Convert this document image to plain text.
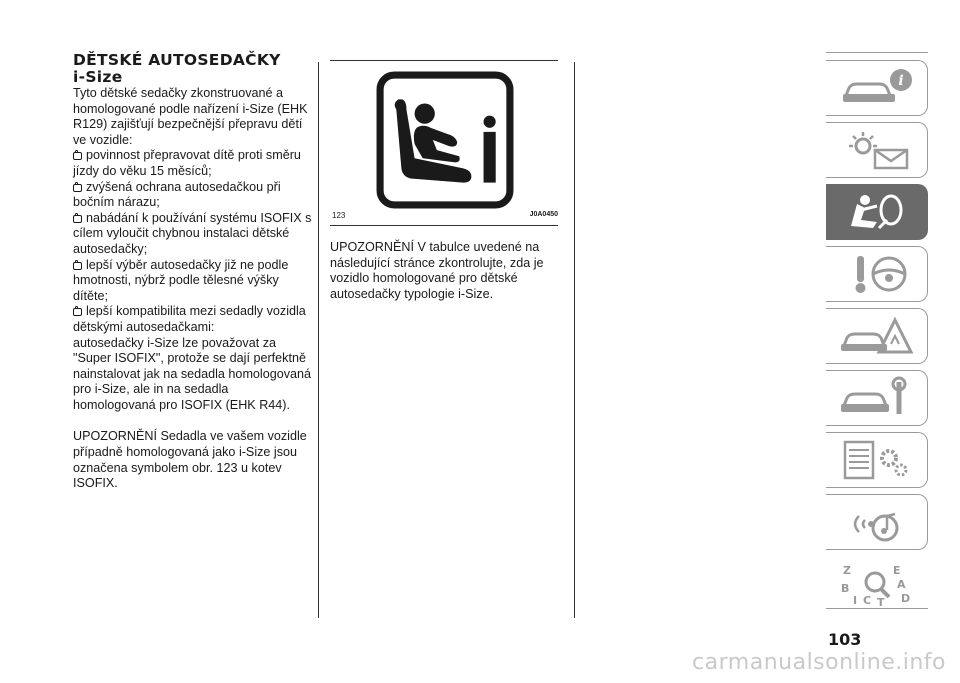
DĚTSKÉ AUTOSEDAČKY
i-Size

Tyto dětské sedačky zkonstruované a homologované podle nařízení i-Size (EHK R129) zajišťují bezpečnější přepravu dětí ve vozidle:

povinnost přepravovat dítě proti směru jízdy do věku 15 měsíců;

zvýšená ochrana autosedačkou při bočním nárazu;

nabádání k používání systému ISOFIX s cílem vyloučit chybnou instalaci dětské autosedačky;

lepší výběr autosedačky již ne podle hmotnosti, nýbrž podle tělesné výšky dítěte;

lepší kompatibilita mezi sedadly vozidla dětskými autosedačkami:

autosedačky i-Size lze považovat za "Super ISOFIX", protože se dají perfektně nainstalovat jak na sedadla homologovaná pro i-Size, ale in na sedadla homologovaná pro ISOFIX (EHK R44).

UPOZORNĚNÍ Sedadla ve vašem vozidle případně homologovaná jako i-Size jsou označena symbolem obr. 123 u kotev ISOFIX.

123	J0A0450

UPOZORNĚNÍ V tabulce uvedené na následující stránce zkontrolujte, zda je vozidlo homologované pro dětské autosedačky typologie i-Size.

i
Z	E
B	A
I C T D
103
carmanualsonline.info
